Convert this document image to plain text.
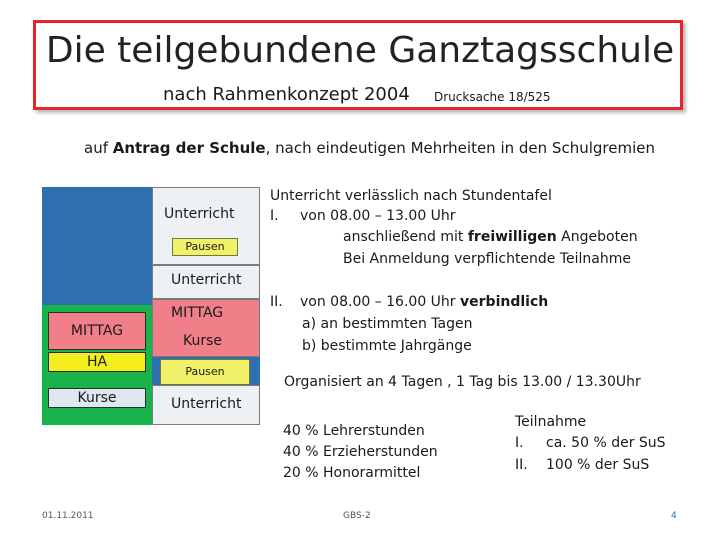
Die teilgebundene Ganztagsschule
nach Rahmenkonzept 2004 Drucksache 18/525
auf Antrag der Schule, nach eindeutigen Mehrheiten in den Schulgremien
MITTAG
HA
Kurse
Unterricht
Pausen
Unterricht
MITTAG
Kurse
Pausen
Unterricht
Unterricht verlässlich nach Stundentafel
I. von 08.00 – 13.00 Uhr
anschließend mit freiwilligen Angeboten
Bei Anmeldung verpflichtende Teilnahme
II. von 08.00 – 16.00 Uhr verbindlich
a) an bestimmten Tagen
b) bestimmte Jahrgänge
Organisiert an 4 Tagen , 1 Tag bis 13.00 / 13.30Uhr
40 % Lehrerstunden
40 % Erzieherstunden
20 % Honorarmittel
Teilnahme
I. ca. 50 % der SuS
II. 100 % der SuS
01.11.2011	GBS-2	4
